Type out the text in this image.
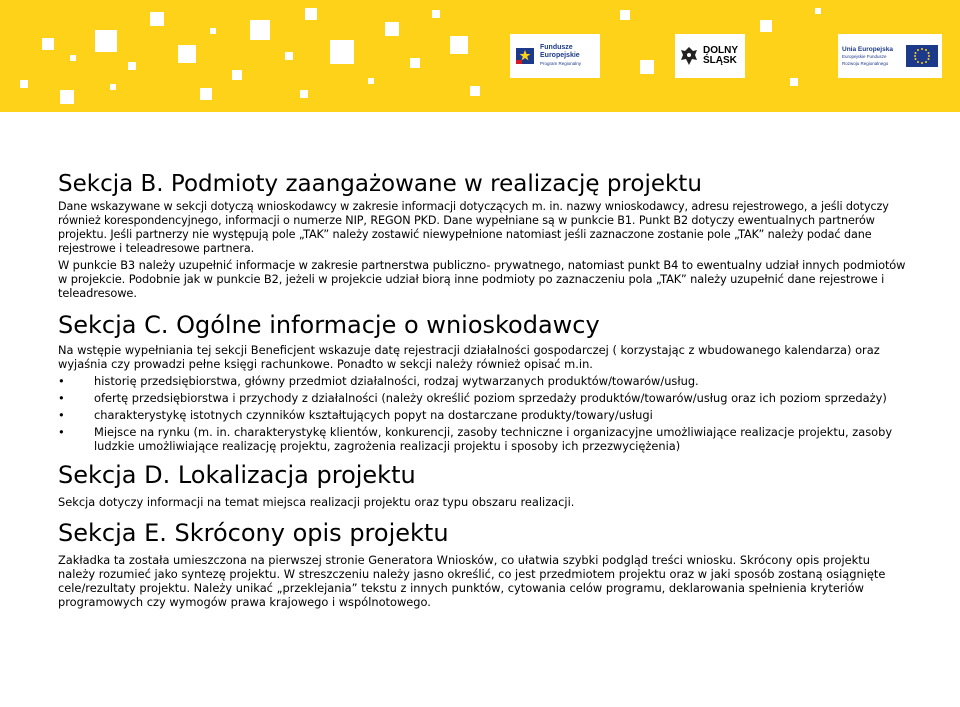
Fundusze
Europejskie
Program Regionalny
DOLNY
ŚLĄSK
Unia Europejska
Europejskie Fundusze
Rozwoju Regionalnego
Sekcja B. Podmioty zaangażowane w realizację projektu

Dane wskazywane w sekcji dotyczą wnioskodawcy w zakresie informacji dotyczących m. in. nazwy wnioskodawcy, adresu rejestrowego, a jeśli dotyczy również korespondencyjnego, informacji o numerze NIP, REGON PKD. Dane wypełniane są w punkcie B1. Punkt B2 dotyczy ewentualnych partnerów projektu. Jeśli partnerzy nie występują pole „TAK” należy zostawić niewypełnione natomiast jeśli zaznaczone zostanie pole „TAK” należy podać dane rejestrowe i teleadresowe partnera.

W punkcie B3 należy uzupełnić informacje w zakresie partnerstwa publiczno- prywatnego, natomiast punkt B4 to ewentualny udział innych podmiotów w projekcie. Podobnie jak w punkcie B2, jeżeli w projekcie udział biorą inne podmioty po zaznaczeniu pola „TAK” należy uzupełnić dane rejestrowe i teleadresowe.

Sekcja C. Ogólne informacje o wnioskodawcy

Na wstępie wypełniania tej sekcji Beneficjent wskazuje datę rejestracji działalności gospodarczej ( korzystając z wbudowanego kalendarza) oraz wyjaśnia czy prowadzi pełne księgi rachunkowe. Ponadto w sekcji należy również opisać m.in.

•	historię przedsiębiorstwa, główny przedmiot działalności, rodzaj wytwarzanych produktów/towarów/usług.
•	ofertę przedsiębiorstwa i przychody z działalności (należy określić poziom sprzedaży produktów/towarów/usług oraz ich poziom sprzedaży)
•	charakterystykę istotnych czynników kształtujących popyt na dostarczane produkty/towary/usługi
•	Miejsce na rynku (m. in. charakterystykę klientów, konkurencji, zasoby techniczne i organizacyjne umożliwiające realizacje projektu, zasoby ludzkie umożliwiające realizację projektu, zagrożenia realizacji projektu i sposoby ich przezwyciężenia)
Sekcja D. Lokalizacja projektu

Sekcja dotyczy informacji na temat miejsca realizacji projektu oraz typu obszaru realizacji.

Sekcja E. Skrócony opis projektu

Zakładka ta została umieszczona na pierwszej stronie Generatora Wniosków, co ułatwia szybki podgląd treści wniosku. Skrócony opis projektu należy rozumieć jako syntezę projektu. W streszczeniu należy jasno określić, co jest przedmiotem projektu oraz w jaki sposób zostaną osiągnięte cele/rezultaty projektu. Należy unikać „przeklejania” tekstu z innych punktów, cytowania celów programu, deklarowania spełnienia kryteriów programowych czy wymogów prawa krajowego i wspólnotowego.
